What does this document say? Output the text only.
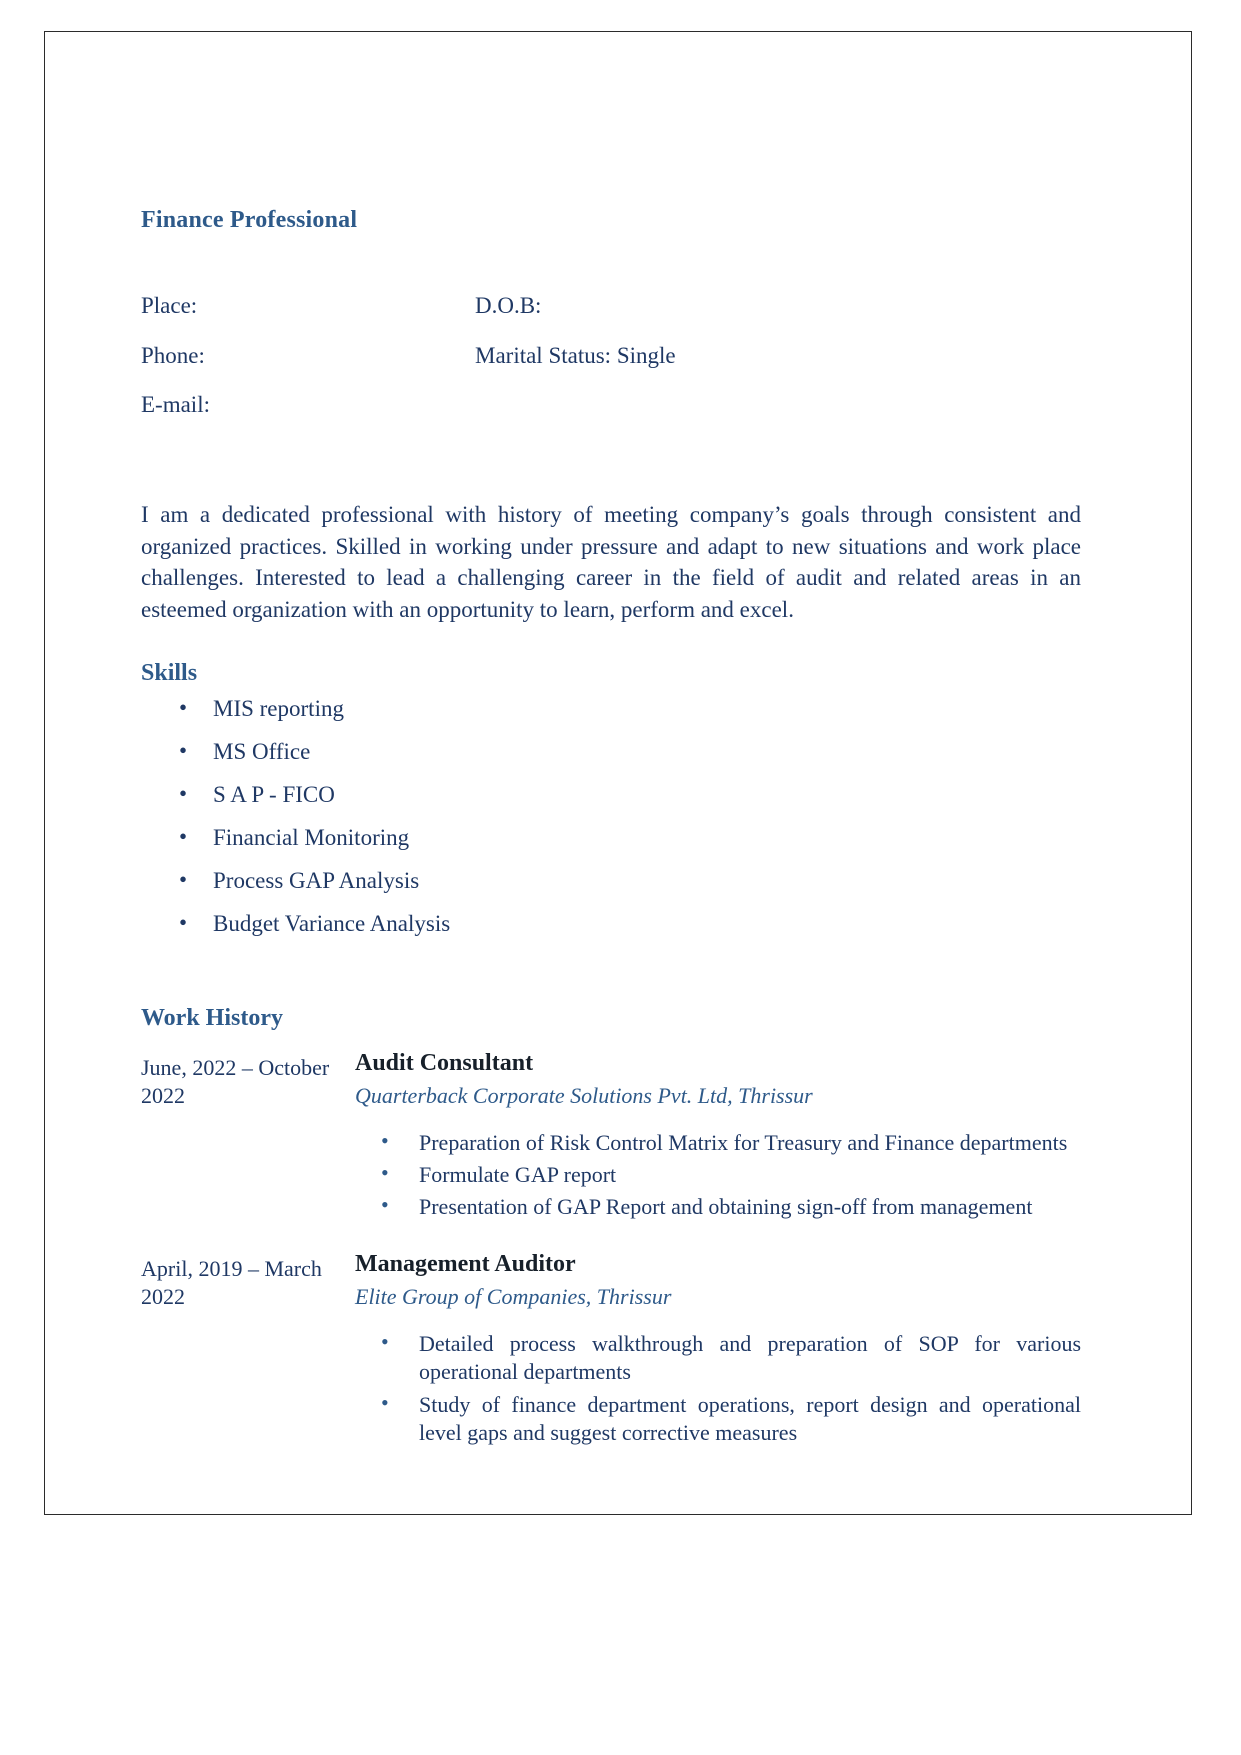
Finance Professional
Place:	D.O.B:
Phone:	Marital Status: Single
E-mail:	

I am a dedicated professional with history of meeting company’s goals through consistent and organized practices. Skilled in working under pressure and adapt to new situations and work place challenges. Interested to lead a challenging career in the field of audit and related areas in an esteemed organization with an opportunity to learn, perform and excel.

Skills
• MIS reporting
• MS Office
• S A P - FICO
• Financial Monitoring
• Process GAP Analysis
• Budget Variance Analysis
Work History
June, 2022 – October 2022
Audit Consultant
Quarterback Corporate Solutions Pvt. Ltd, Thrissur
• Preparation of Risk Control Matrix for Treasury and Finance departments
• Formulate GAP report
• Presentation of GAP Report and obtaining sign-off from management
April, 2019 – March 2022
Management Auditor
Elite Group of Companies, Thrissur
• Detailed process walkthrough and preparation of SOP for various operational departments
• Study of finance department operations, report design and operational level gaps and suggest corrective measures
